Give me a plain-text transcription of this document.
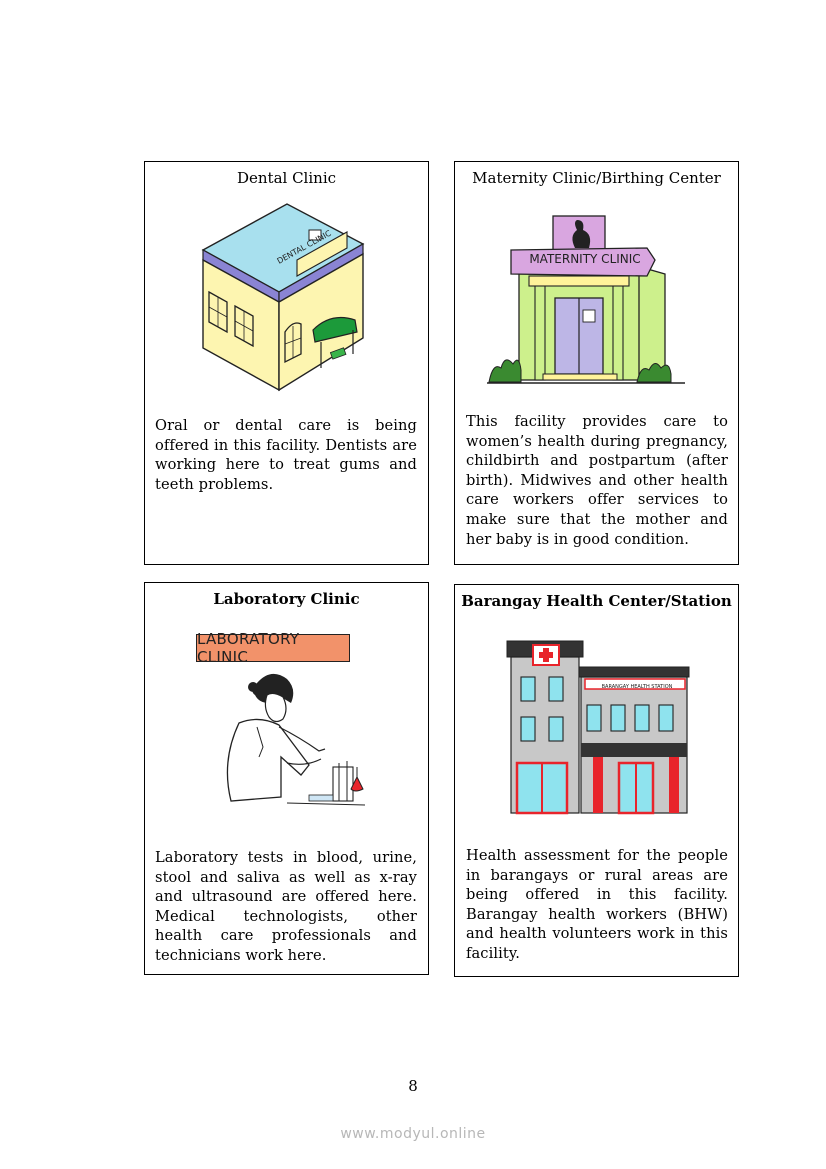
Dental Clinic

DENTAL CLINIC

Oral or dental care is being offered in this facility. Dentists are working here to treat gums and teeth problems.

Maternity Clinic/Birthing Center

MATERNITY CLINIC

This facility provides care to women’s health during pregnancy, childbirth and postpartum (after birth). Midwives and other health care workers offer services to make sure that the mother and her baby is in good condition.

Laboratory Clinic

LABORATORY CLINIC

Laboratory tests in blood, urine, stool and saliva as well as x-ray and ultrasound are offered here. Medical technologists, other health care professionals and technicians work here.

Barangay Health Center/Station

BARANGAY HEALTH STATION

Health assessment for the people in barangays or rural areas are being offered in this facility. Barangay health workers (BHW) and health volunteers work in this facility.

8
www.modyul.online
